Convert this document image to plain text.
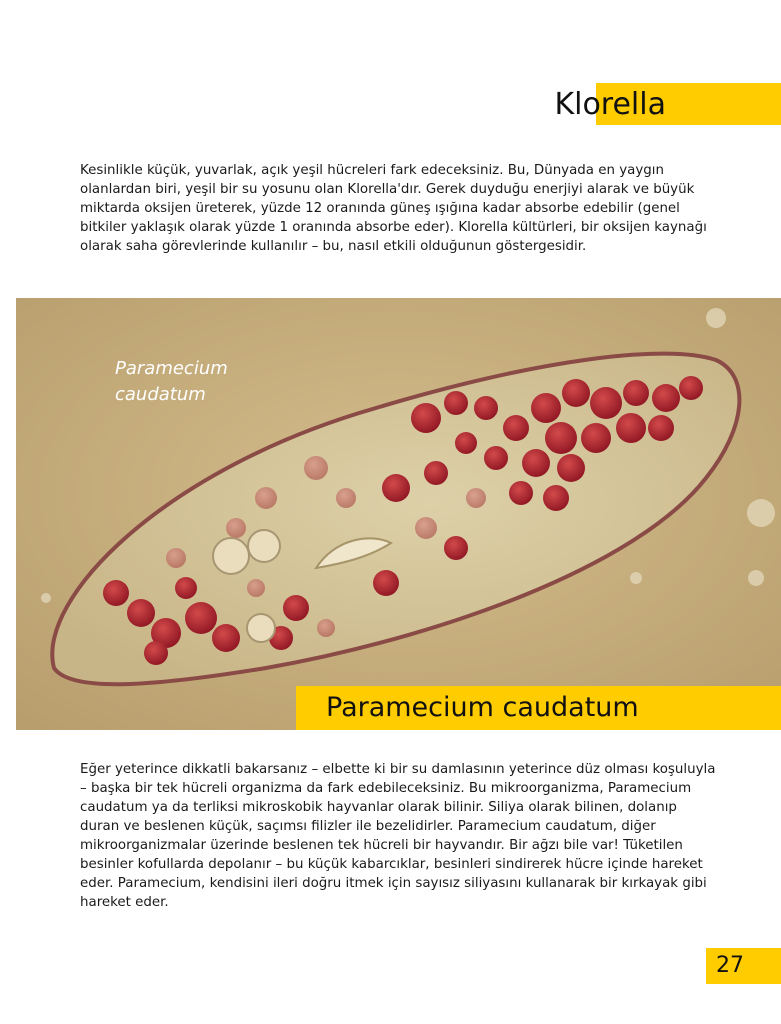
Klorella

Kesinlikle küçük, yuvarlak, açık yeşil hücreleri fark edeceksiniz. Bu, Dünyada en yaygın olanlardan biri, yeşil bir su yosunu olan Klorella'dır. Gerek duyduğu enerjiyi alarak ve büyük miktarda oksijen üreterek, yüzde 12 oranında güneş ışığına kadar absorbe edebilir (genel bitkiler yaklaşık olarak yüzde 1 oranında absorbe eder). Klorella kültürleri, bir oksijen kaynağı olarak saha görevlerinde kullanılır – bu, nasıl etkili olduğunun göstergesidir.

Paramecium
caudatum

Paramecium caudatum

Eğer yeterince dikkatli bakarsanız – elbette ki bir su damlasının yeterince düz olması koşuluyla – başka bir tek hücreli organizma da fark edebileceksiniz. Bu mikroorganizma, Paramecium caudatum ya da terliksi mikroskobik hayvanlar olarak bilinir. Siliya olarak bilinen, dolanıp duran ve beslenen küçük, saçımsı filizler ile bezelidirler. Paramecium caudatum, diğer mikroorganizmalar üzerinde beslenen tek hücreli bir hayvandır. Bir ağzı bile var! Tüketilen besinler kofullarda depolanır – bu küçük kabarcıklar, besinleri sindirerek hücre içinde hareket eder. Paramecium, kendisini ileri doğru itmek için sayısız siliyasını kullanarak bir kırkayak gibi hareket eder.

27
